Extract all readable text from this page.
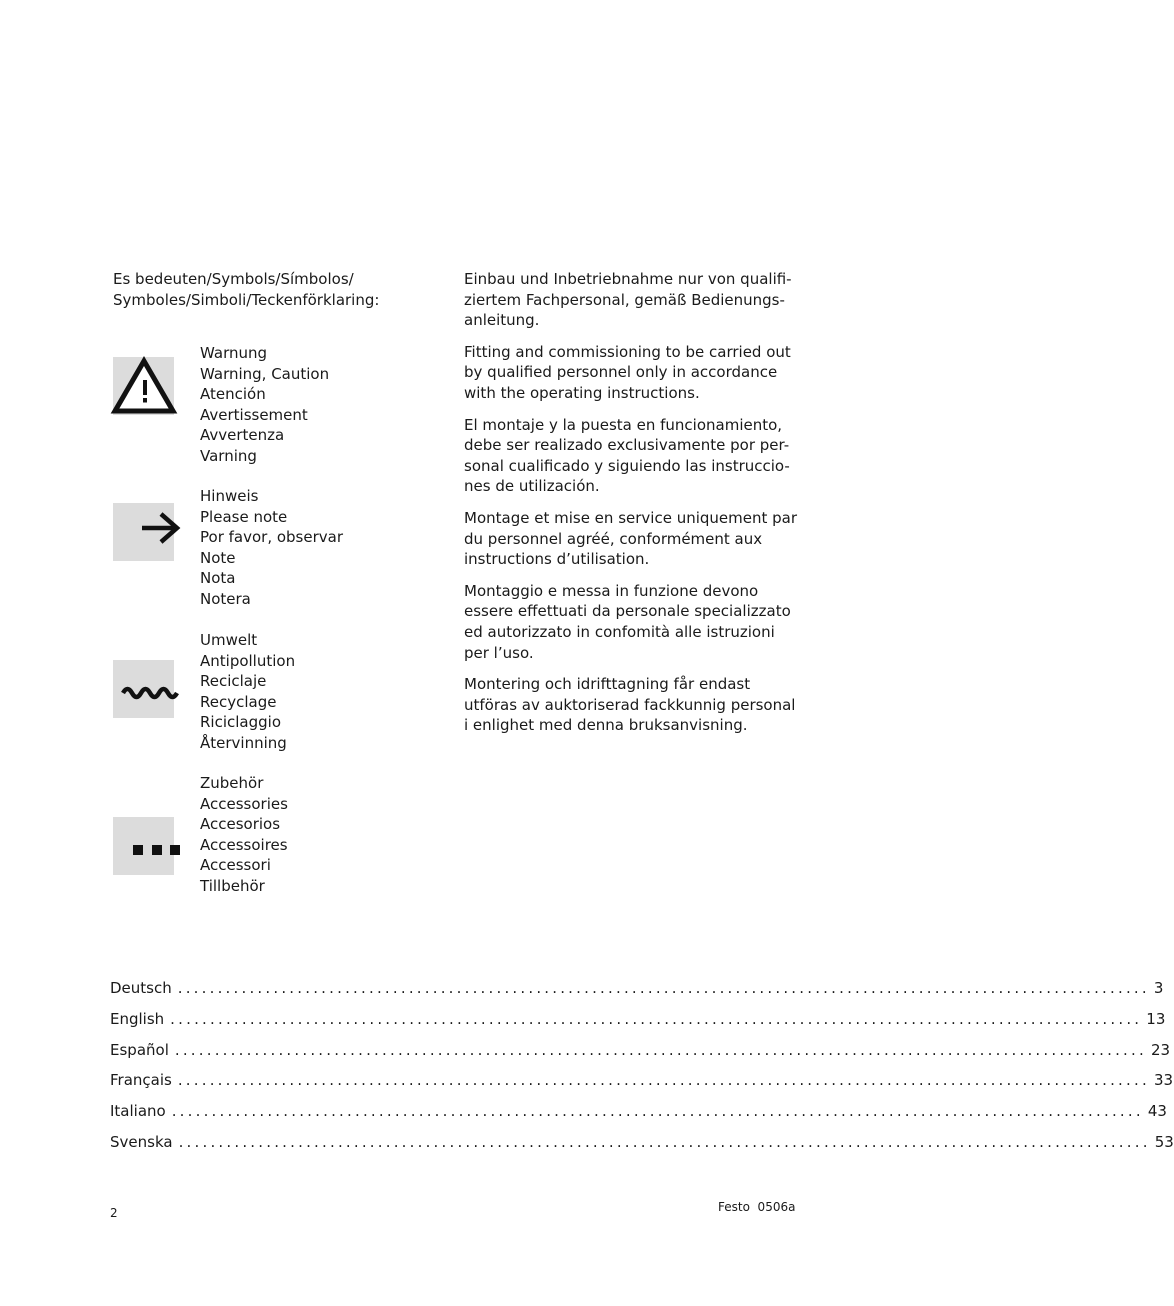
Es bedeuten/Symbols/Símbolos/
Symboles/Simboli/Teckenförklaring:
Warnung
Warning, Caution
Atención
Avertissement
Avvertenza
Varning
Hinweis
Please note
Por favor, observar
Note
Nota
Notera
Umwelt
Antipollution
Reciclaje
Recyclage
Riciclaggio
Återvinning
Zubehör
Accessories
Accesorios
Accessoires
Accessori
Tillbehör

Einbau und Inbetriebnahme nur von qualifi-
ziertem Fachpersonal, gemäß Bedienungs-
anleitung.

Fitting and commissioning to be carried out
by qualified personnel only in accordance
with the operating instructions.

El montaje y la puesta en funcionamiento,
debe ser realizado exclusivamente por per-
sonal cualificado y siguiendo las instruccio-
nes de utilización.

Montage et mise en service uniquement par
du personnel agréé, conformément aux
instructions d’utilisation.

Montaggio e messa in funzione devono
essere effettuati da personale specializzato
ed autorizzato in confomità alle istruzioni
per l’uso.

Montering och idrifttagning får endast
utföras av auktoriserad fackkunnig personal
i enlighet med denna bruksanvisning.

Deutsch .......................................................................................................................... 3
English .......................................................................................................................... 13
Español .......................................................................................................................... 23
Français .......................................................................................................................... 33
Italiano .......................................................................................................................... 43
Svenska .......................................................................................................................... 53
2	Festo  0506a
